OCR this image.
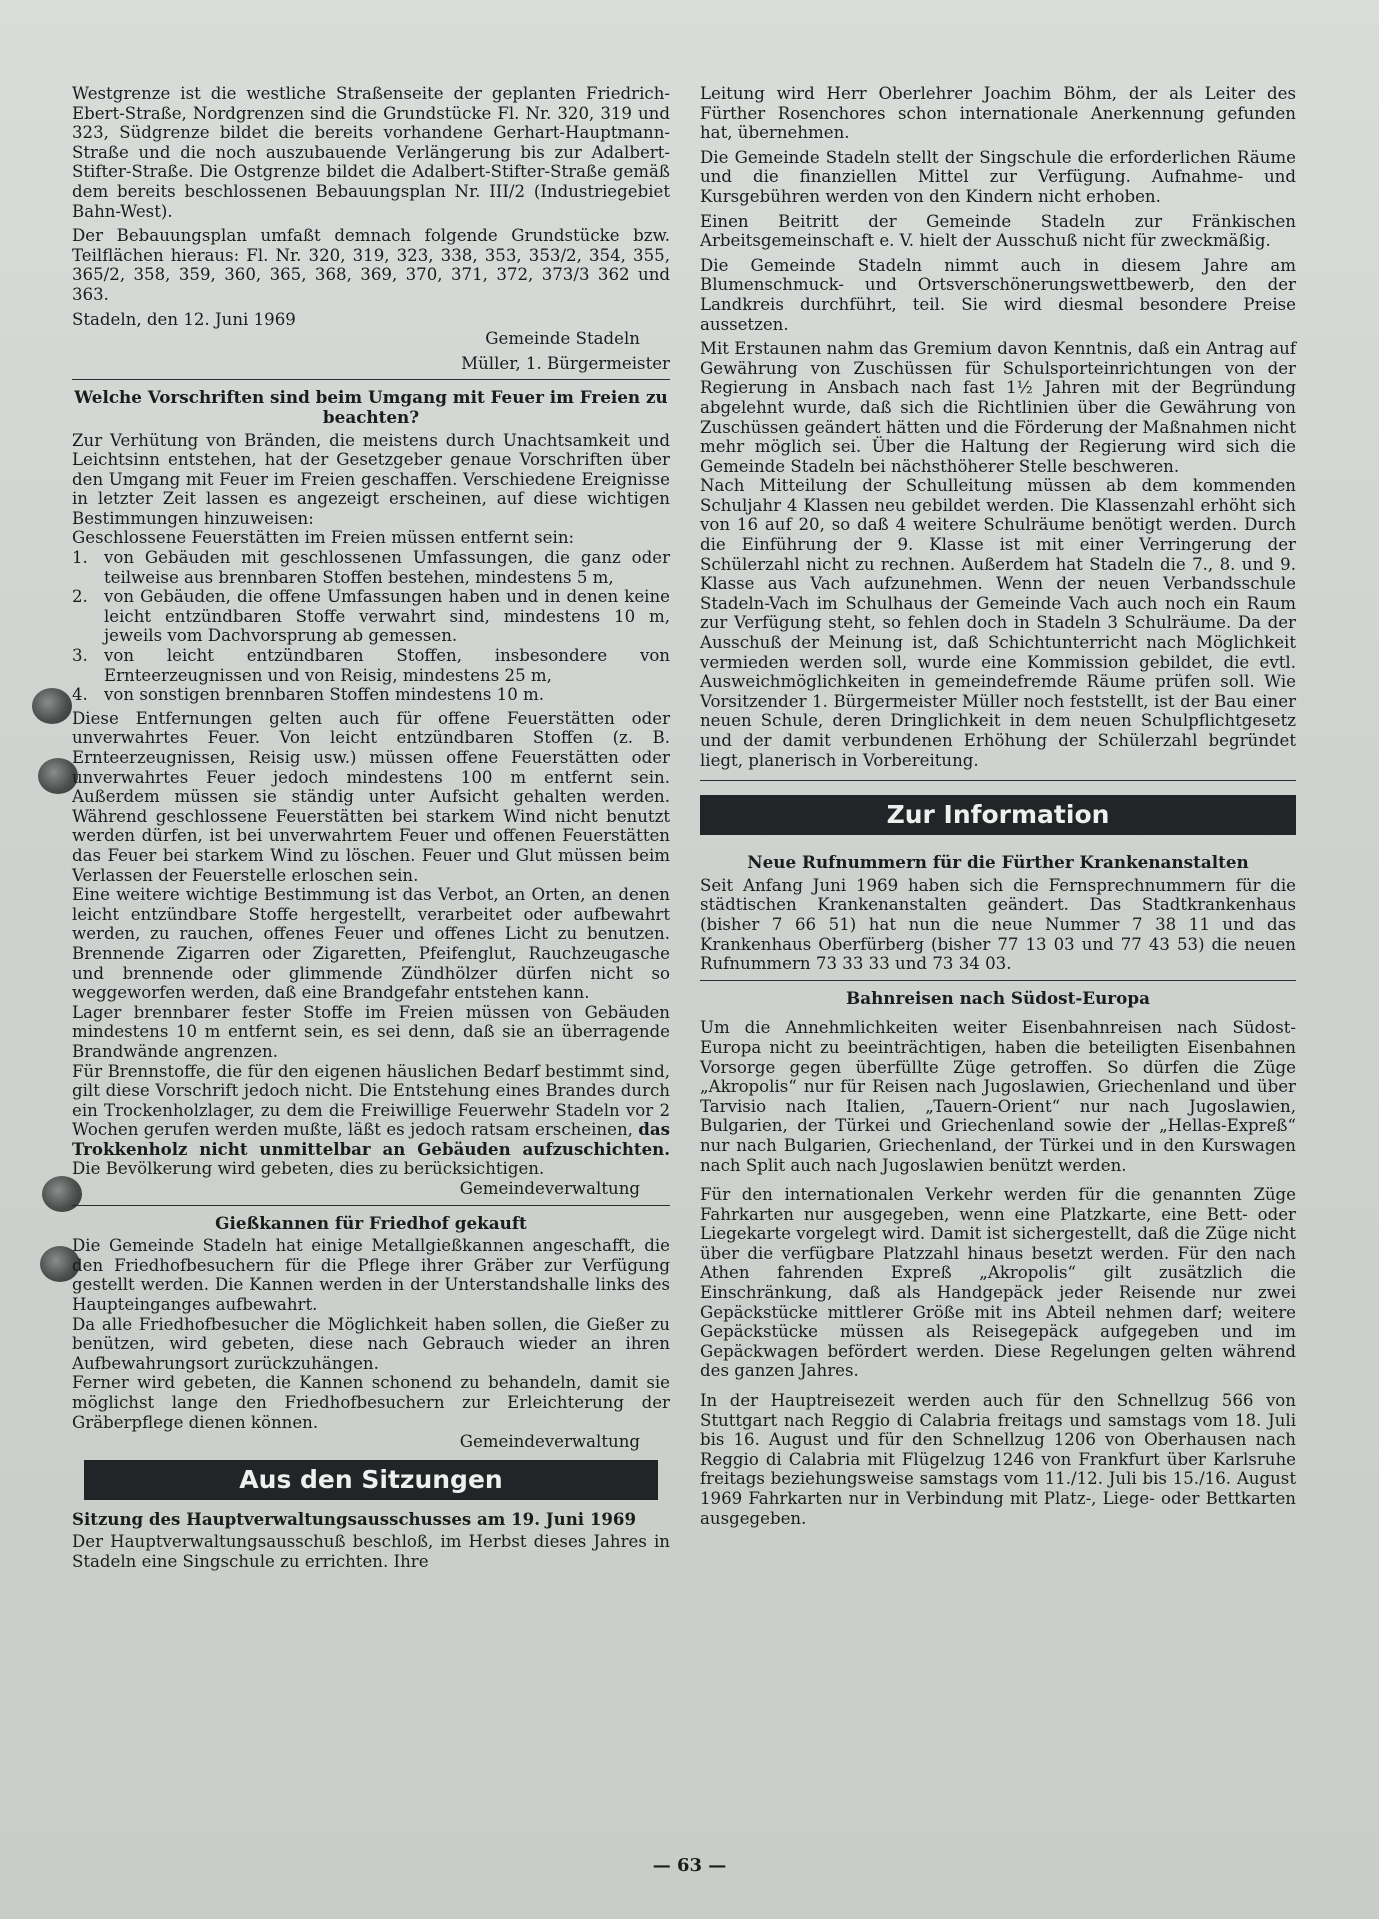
Westgrenze ist die westliche Straßenseite der geplanten Friedrich-Ebert-Straße, Nordgrenzen sind die Grundstücke Fl. Nr. 320, 319 und 323, Südgrenze bildet die bereits vorhandene Gerhart-Hauptmann-Straße und die noch auszubauende Verlängerung bis zur Adalbert-Stifter-Straße. Die Ostgrenze bildet die Adalbert-Stifter-Straße gemäß dem bereits beschlossenen Bebauungsplan Nr. III/2 (Industriegebiet Bahn-West).

Der Bebauungsplan umfaßt demnach folgende Grundstücke bzw. Teilflächen hieraus: Fl. Nr. 320, 319, 323, 338, 353, 353/2, 354, 355, 365/2, 358, 359, 360, 365, 368, 369, 370, 371, 372, 373/3 362 und 363.

Stadeln, den 12. Juni 1969

Gemeinde Stadeln

Müller, 1. Bürgermeister

Welche Vorschriften sind beim Umgang mit Feuer im Freien zu beachten?

Zur Verhütung von Bränden, die meistens durch Unachtsamkeit und Leichtsinn entstehen, hat der Gesetzgeber genaue Vorschriften über den Umgang mit Feuer im Freien geschaffen. Verschiedene Ereignisse in letzter Zeit lassen es angezeigt erscheinen, auf diese wichtigen Bestimmungen hinzuweisen:

Geschlossene Feuerstätten im Freien müssen entfernt sein:

1. von Gebäuden mit geschlossenen Umfassungen, die ganz oder teilweise aus brennbaren Stoffen bestehen, mindestens 5 m,
2. von Gebäuden, die offene Umfassungen haben und in denen keine leicht entzündbaren Stoffe verwahrt sind, mindestens 10 m, jeweils vom Dachvorsprung ab gemessen.
3. von leicht entzündbaren Stoffen, insbesondere von Ernteerzeugnissen und von Reisig, mindestens 25 m,
4. von sonstigen brennbaren Stoffen mindestens 10 m.

Diese Entfernungen gelten auch für offene Feuerstätten oder unverwahrtes Feuer. Von leicht entzündbaren Stoffen (z. B. Ernteerzeugnissen, Reisig usw.) müssen offene Feuerstätten oder unverwahrtes Feuer jedoch mindestens 100 m entfernt sein. Außerdem müssen sie ständig unter Aufsicht gehalten werden. Während geschlossene Feuerstätten bei starkem Wind nicht benutzt werden dürfen, ist bei unverwahrtem Feuer und offenen Feuerstätten das Feuer bei starkem Wind zu löschen. Feuer und Glut müssen beim Verlassen der Feuerstelle erloschen sein.

Eine weitere wichtige Bestimmung ist das Verbot, an Orten, an denen leicht entzündbare Stoffe hergestellt, verarbeitet oder aufbewahrt werden, zu rauchen, offenes Feuer und offenes Licht zu benutzen. Brennende Zigarren oder Zigaretten, Pfeifenglut, Rauchzeugasche und brennende oder glimmende Zündhölzer dürfen nicht so weggeworfen werden, daß eine Brandgefahr entstehen kann.

Lager brennbarer fester Stoffe im Freien müssen von Gebäuden mindestens 10 m entfernt sein, es sei denn, daß sie an überragende Brandwände angrenzen.

Für Brennstoffe, die für den eigenen häuslichen Bedarf bestimmt sind, gilt diese Vorschrift jedoch nicht. Die Entstehung eines Brandes durch ein Trockenholzlager, zu dem die Freiwillige Feuerwehr Stadeln vor 2 Wochen gerufen werden mußte, läßt es jedoch ratsam erscheinen, das Trokkenholz nicht unmittelbar an Gebäuden aufzuschichten. Die Bevölkerung wird gebeten, dies zu berücksichtigen.

Gemeindeverwaltung

Gießkannen für Friedhof gekauft

Die Gemeinde Stadeln hat einige Metallgießkannen angeschafft, die den Friedhofbesuchern für die Pflege ihrer Gräber zur Verfügung gestellt werden. Die Kannen werden in der Unterstandshalle links des Haupteinganges aufbewahrt.

Da alle Friedhofbesucher die Möglichkeit haben sollen, die Gießer zu benützen, wird gebeten, diese nach Gebrauch wieder an ihren Aufbewahrungsort zurückzuhängen.

Ferner wird gebeten, die Kannen schonend zu behandeln, damit sie möglichst lange den Friedhofbesuchern zur Erleichterung der Gräberpflege dienen können.

Gemeindeverwaltung

Aus den Sitzungen
Sitzung des Hauptverwaltungsausschusses am 19. Juni 1969

Der Hauptverwaltungsausschuß beschloß, im Herbst dieses Jahres in Stadeln eine Singschule zu errichten. Ihre

Leitung wird Herr Oberlehrer Joachim Böhm, der als Leiter des Fürther Rosenchores schon internationale Anerkennung gefunden hat, übernehmen.

Die Gemeinde Stadeln stellt der Singschule die erforderlichen Räume und die finanziellen Mittel zur Verfügung. Aufnahme- und Kursgebühren werden von den Kindern nicht erhoben.

Einen Beitritt der Gemeinde Stadeln zur Fränkischen Arbeitsgemeinschaft e. V. hielt der Ausschuß nicht für zweckmäßig.

Die Gemeinde Stadeln nimmt auch in diesem Jahre am Blumenschmuck- und Ortsverschönerungswettbewerb, den der Landkreis durchführt, teil. Sie wird diesmal besondere Preise aussetzen.

Mit Erstaunen nahm das Gremium davon Kenntnis, daß ein Antrag auf Gewährung von Zuschüssen für Schulsporteinrichtungen von der Regierung in Ansbach nach fast 1½ Jahren mit der Begründung abgelehnt wurde, daß sich die Richtlinien über die Gewährung von Zuschüssen geändert hätten und die Förderung der Maßnahmen nicht mehr möglich sei. Über die Haltung der Regierung wird sich die Gemeinde Stadeln bei nächsthöherer Stelle beschweren.

Nach Mitteilung der Schulleitung müssen ab dem kommenden Schuljahr 4 Klassen neu gebildet werden. Die Klassenzahl erhöht sich von 16 auf 20, so daß 4 weitere Schulräume benötigt werden. Durch die Einführung der 9. Klasse ist mit einer Verringerung der Schülerzahl nicht zu rechnen. Außerdem hat Stadeln die 7., 8. und 9. Klasse aus Vach aufzunehmen. Wenn der neuen Verbandsschule Stadeln-Vach im Schulhaus der Gemeinde Vach auch noch ein Raum zur Verfügung steht, so fehlen doch in Stadeln 3 Schulräume. Da der Ausschuß der Meinung ist, daß Schichtunterricht nach Möglichkeit vermieden werden soll, wurde eine Kommission gebildet, die evtl. Ausweichmöglichkeiten in gemeindefremde Räume prüfen soll. Wie Vorsitzender 1. Bürgermeister Müller noch feststellt, ist der Bau einer neuen Schule, deren Dringlichkeit in dem neuen Schulpflichtgesetz und der damit verbundenen Erhöhung der Schülerzahl begründet liegt, planerisch in Vorbereitung.

Zur Information
Neue Rufnummern für die Fürther Krankenanstalten

Seit Anfang Juni 1969 haben sich die Fernsprechnummern für die städtischen Krankenanstalten geändert. Das Stadtkrankenhaus (bisher 7 66 51) hat nun die neue Nummer 7 38 11 und das Krankenhaus Oberfürberg (bisher 77 13 03 und 77 43 53) die neuen Rufnummern 73 33 33 und 73 34 03.

Bahnreisen nach Südost-Europa

Um die Annehmlichkeiten weiter Eisenbahnreisen nach Südost-Europa nicht zu beeinträchtigen, haben die beteiligten Eisenbahnen Vorsorge gegen überfüllte Züge getroffen. So dürfen die Züge „Akropolis“ nur für Reisen nach Jugoslawien, Griechenland und über Tarvisio nach Italien, „Tauern-Orient“ nur nach Jugoslawien, Bulgarien, der Türkei und Griechenland sowie der „Hellas-Expreß“ nur nach Bulgarien, Griechenland, der Türkei und in den Kurswagen nach Split auch nach Jugoslawien benützt werden.

Für den internationalen Verkehr werden für die genannten Züge Fahrkarten nur ausgegeben, wenn eine Platzkarte, eine Bett- oder Liegekarte vorgelegt wird. Damit ist sichergestellt, daß die Züge nicht über die verfügbare Platzzahl hinaus besetzt werden. Für den nach Athen fahrenden Expreß „Akropolis“ gilt zusätzlich die Einschränkung, daß als Handgepäck jeder Reisende nur zwei Gepäckstücke mittlerer Größe mit ins Abteil nehmen darf; weitere Gepäckstücke müssen als Reisegepäck aufgegeben und im Gepäckwagen befördert werden. Diese Regelungen gelten während des ganzen Jahres.

In der Hauptreisezeit werden auch für den Schnellzug 566 von Stuttgart nach Reggio di Calabria freitags und samstags vom 18. Juli bis 16. August und für den Schnellzug 1206 von Oberhausen nach Reggio di Calabria mit Flügelzug 1246 von Frankfurt über Karlsruhe freitags beziehungsweise samstags vom 11./12. Juli bis 15./16. August 1969 Fahrkarten nur in Verbindung mit Platz-, Liege- oder Bettkarten ausgegeben.

— 63 —
